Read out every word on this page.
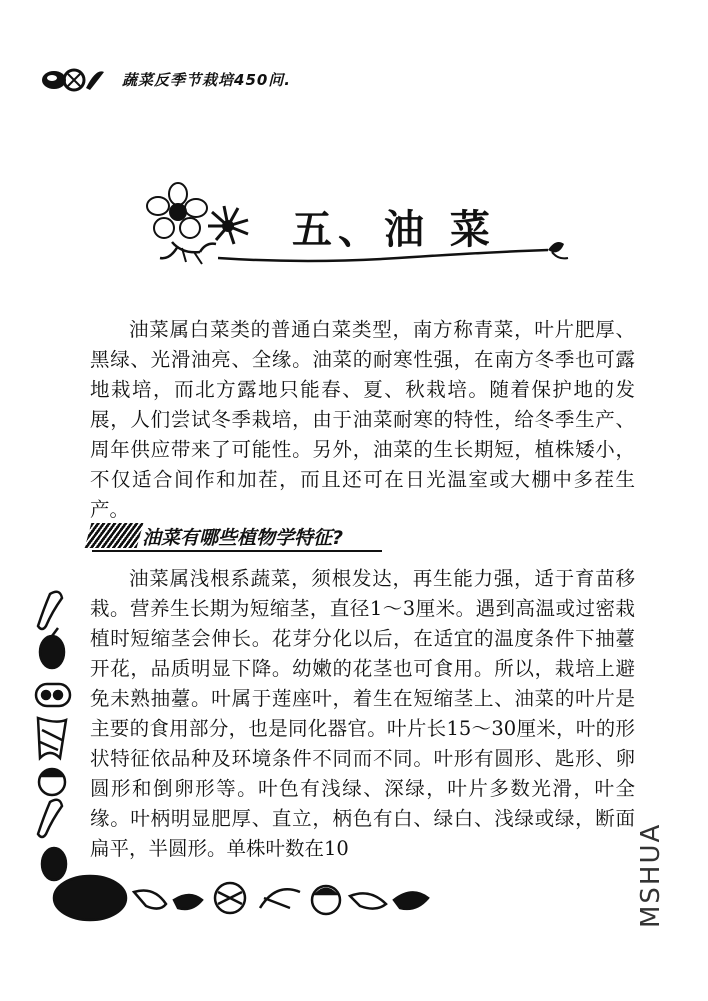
蔬菜反季节栽培450问.
五、油 菜

油菜属白菜类的普通白菜类型，南方称青菜，叶片肥厚、黑绿、光滑油亮、全缘。油菜的耐寒性强，在南方冬季也可露地栽培，而北方露地只能春、夏、秋栽培。随着保护地的发展，人们尝试冬季栽培，由于油菜耐寒的特性，给冬季生产、周年供应带来了可能性。另外，油菜的生长期短，植株矮小，不仅适合间作和加茬，而且还可在日光温室或大棚中多茬生产。

油菜有哪些植物学特征?

油菜属浅根系蔬菜，须根发达，再生能力强，适于育苗移栽。营养生长期为短缩茎，直径1～3厘米。遇到高温或过密栽植时短缩茎会伸长。花芽分化以后，在适宜的温度条件下抽薹开花，品质明显下降。幼嫩的花茎也可食用。所以，栽培上避免未熟抽薹。叶属于莲座叶，着生在短缩茎上、油菜的叶片是主要的食用部分，也是同化器官。叶片长15～30厘米，叶的形状特征依品种及环境条件不同而不同。叶形有圆形、匙形、卵圆形和倒卵形等。叶色有浅绿、深绿，叶片多数光滑，叶全缘。叶柄明显肥厚、直立，柄色有白、绿白、浅绿或绿，断面扁平，半圆形。单株叶数在10	MSHUA
